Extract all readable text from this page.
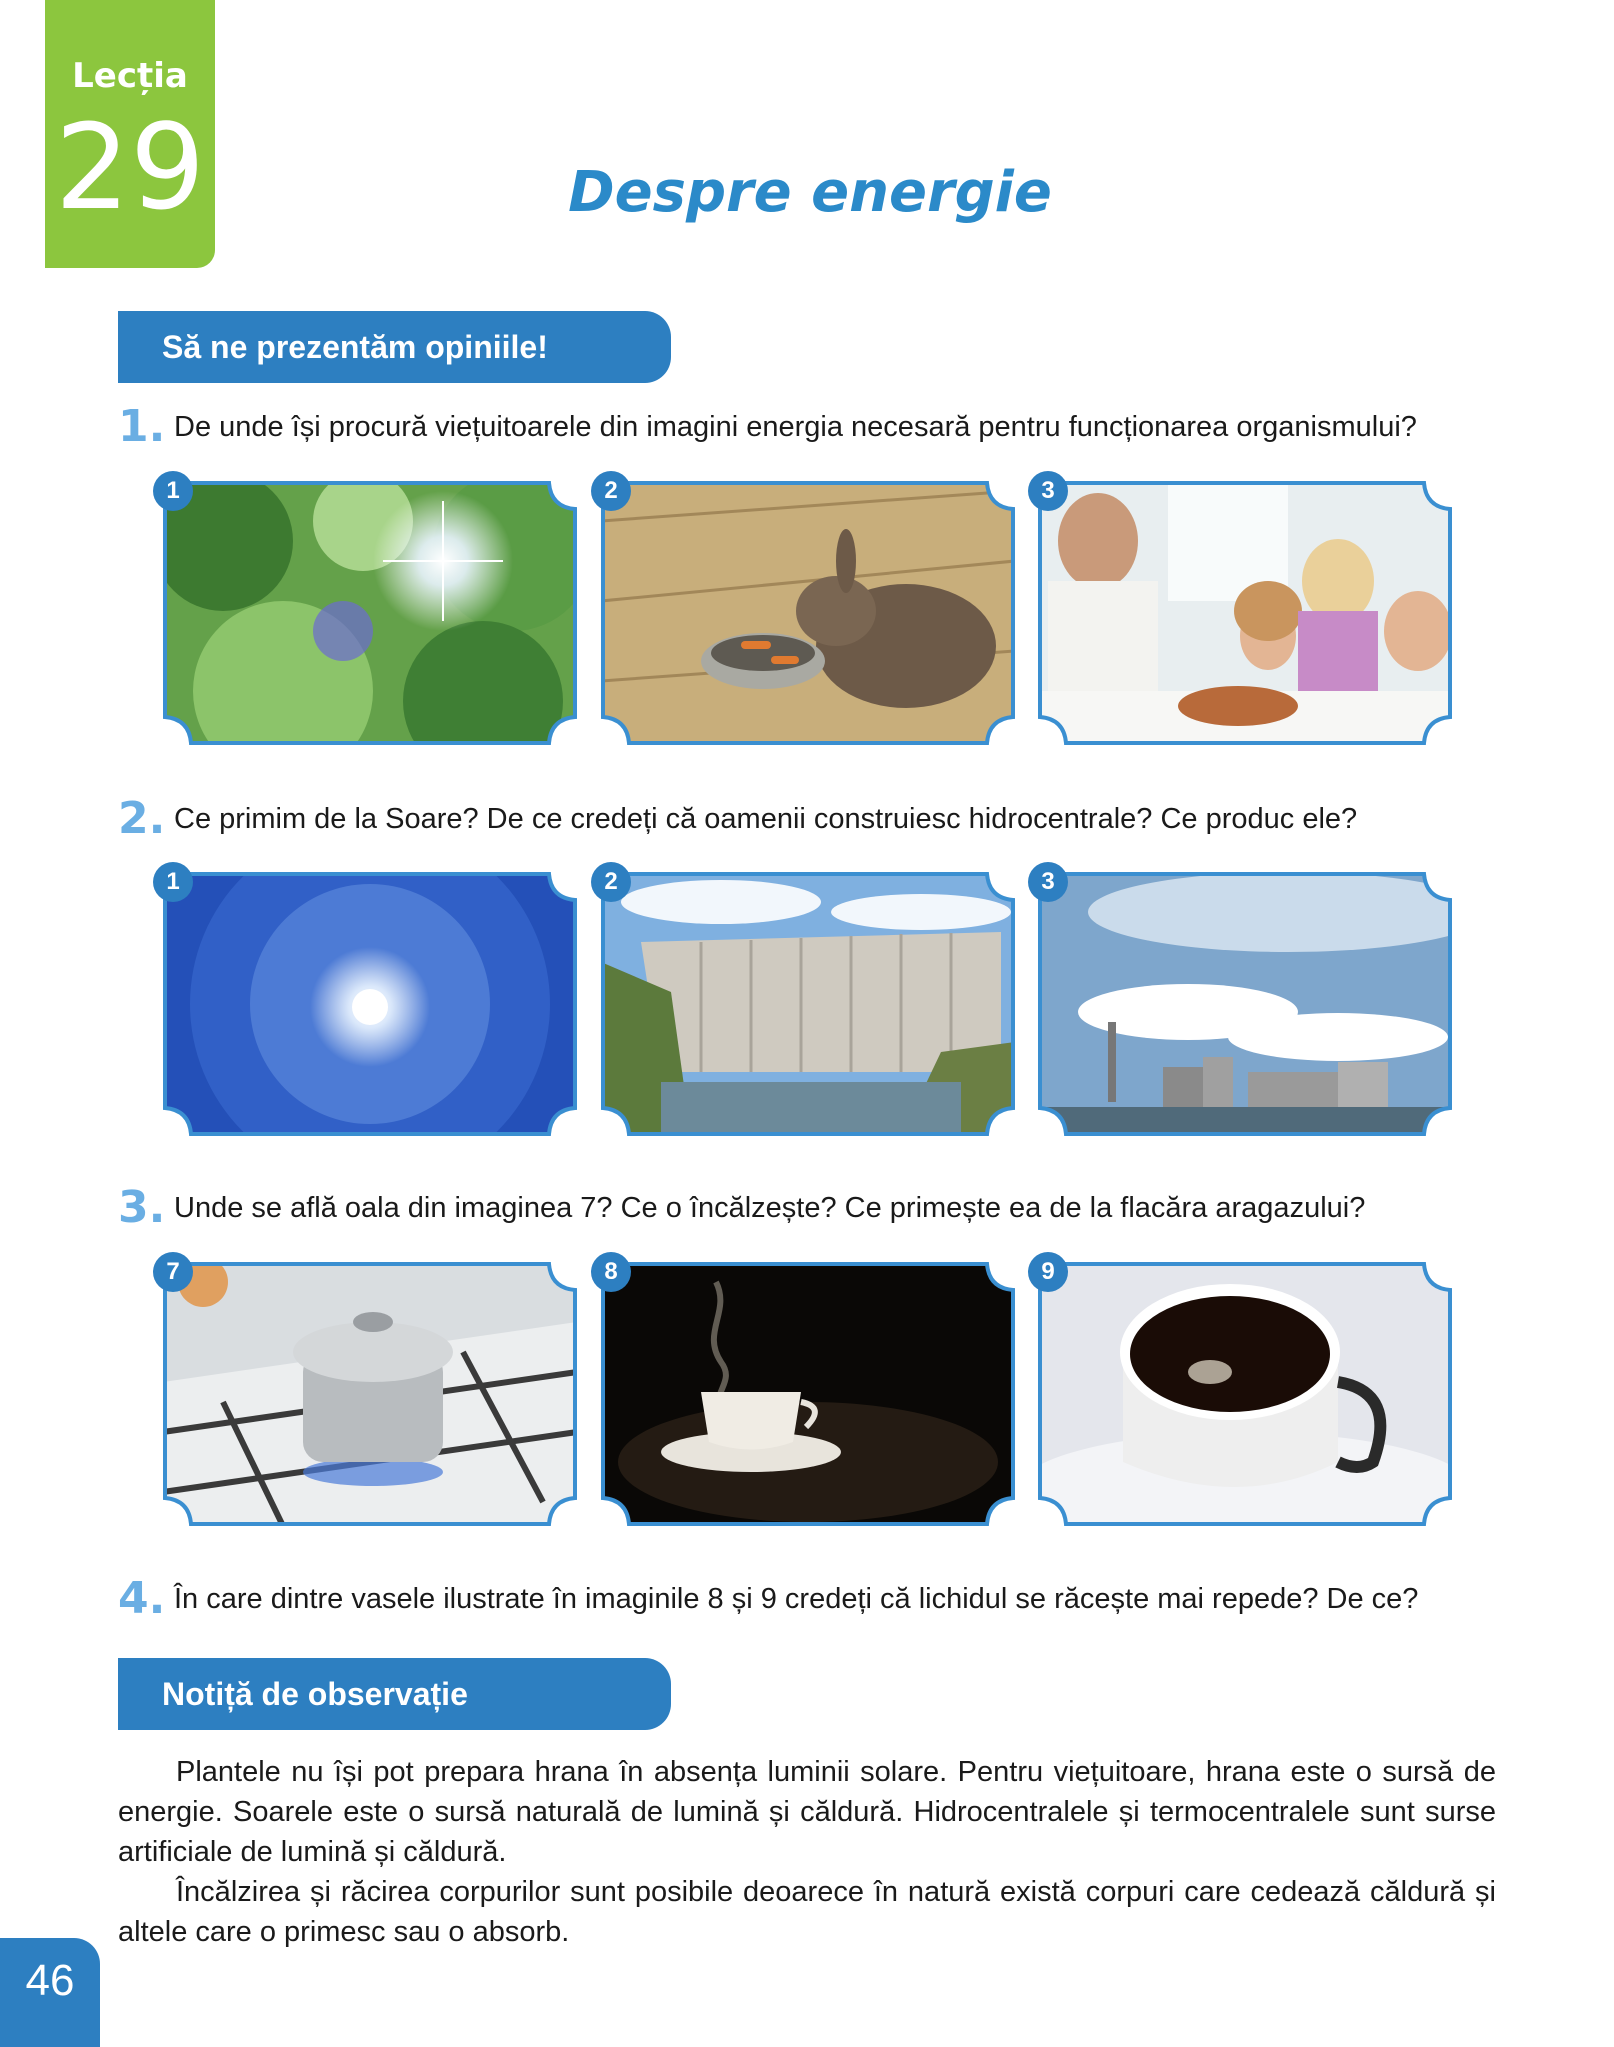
Lecția
29	Despre energie
Să ne prezentăm opiniile!
1. De unde își procură viețuitoarele din imagini energia necesară pentru funcționarea organismului?
1	2	3
2. Ce primim de la Soare? De ce credeți că oamenii construiesc hidrocentrale? Ce produc ele?
1	2	3
3. Unde se află oala din imaginea 7? Ce o încălzește? Ce primește ea de la flacăra aragazului?
7	8	9
4. În care dintre vasele ilustrate în imaginile 8 și 9 credeți că lichidul se răcește mai repede? De ce?
Notiță de observație

Plantele nu își pot prepara hrana în absența luminii solare. Pentru viețuitoare, hrana este o sursă de energie. Soarele este o sursă naturală de lumină și căldură. Hidrocentralele și termocentralele sunt surse artificiale de lumină și căldură.

Încălzirea și răcirea corpurilor sunt posibile deoarece în natură există corpuri care cedează căldură și altele care o primesc sau o absorb.

46
